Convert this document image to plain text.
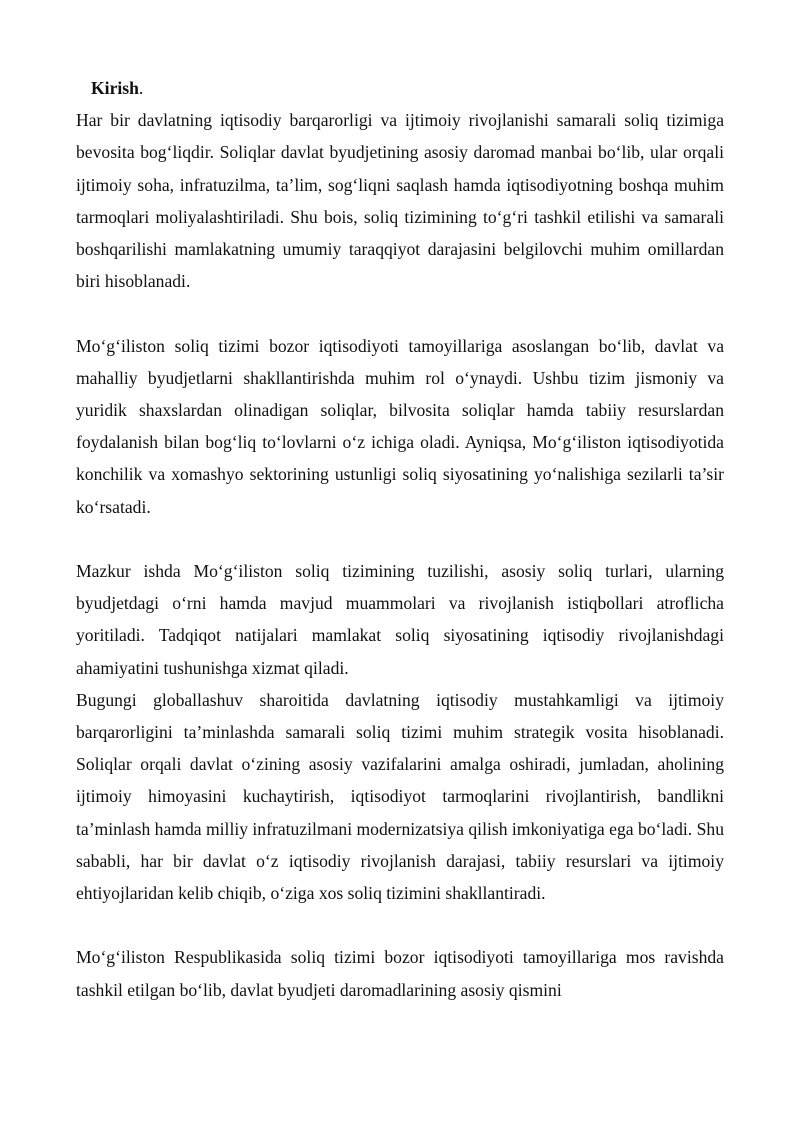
Kirish.

Har bir davlatning iqtisodiy barqarorligi va ijtimoiy rivojlanishi samarali soliq tizimiga bevosita bog‘liqdir. Soliqlar davlat byudjetining asosiy daromad manbai bo‘lib, ular orqali ijtimoiy soha, infratuzilma, ta’lim, sog‘liqni saqlash hamda iqtisodiyotning boshqa muhim tarmoqlari moliyalashtiriladi. Shu bois, soliq tizimining to‘g‘ri tashkil etilishi va samarali boshqarilishi mamlakatning umumiy taraqqiyot darajasini belgilovchi muhim omillardan biri hisoblanadi.

Mo‘g‘iliston soliq tizimi bozor iqtisodiyoti tamoyillariga asoslangan bo‘lib, davlat va mahalliy byudjetlarni shakllantirishda muhim rol o‘ynaydi. Ushbu tizim jismoniy va yuridik shaxslardan olinadigan soliqlar, bilvosita soliqlar hamda tabiiy resurslardan foydalanish bilan bog‘liq to‘lovlarni o‘z ichiga oladi. Ayniqsa, Mo‘g‘iliston iqtisodiyotida konchilik va xomashyo sektorining ustunligi soliq siyosatining yo‘nalishiga sezilarli ta’sir ko‘rsatadi.

Mazkur ishda Mo‘g‘iliston soliq tizimining tuzilishi, asosiy soliq turlari, ularning byudjetdagi o‘rni hamda mavjud muammolari va rivojlanish istiqbollari atroflicha yoritiladi. Tadqiqot natijalari mamlakat soliq siyosatining iqtisodiy rivojlanishdagi ahamiyatini tushunishga xizmat qiladi.

Bugungi globallashuv sharoitida davlatning iqtisodiy mustahkamligi va ijtimoiy barqarorligini ta’minlashda samarali soliq tizimi muhim strategik vosita hisoblanadi. Soliqlar orqali davlat o‘zining asosiy vazifalarini amalga oshiradi, jumladan, aholining ijtimoiy himoyasini kuchaytirish, iqtisodiyot tarmoqlarini rivojlantirish, bandlikni ta’minlash hamda milliy infratuzilmani modernizatsiya qilish imkoniyatiga ega bo‘ladi. Shu sababli, har bir davlat o‘z iqtisodiy rivojlanish darajasi, tabiiy resurslari va ijtimoiy ehtiyojlaridan kelib chiqib, o‘ziga xos soliq tizimini shakllantiradi.

Mo‘g‘iliston Respublikasida soliq tizimi bozor iqtisodiyoti tamoyillariga mos ravishda tashkil etilgan bo‘lib, davlat byudjeti daromadlarining asosiy qismini
